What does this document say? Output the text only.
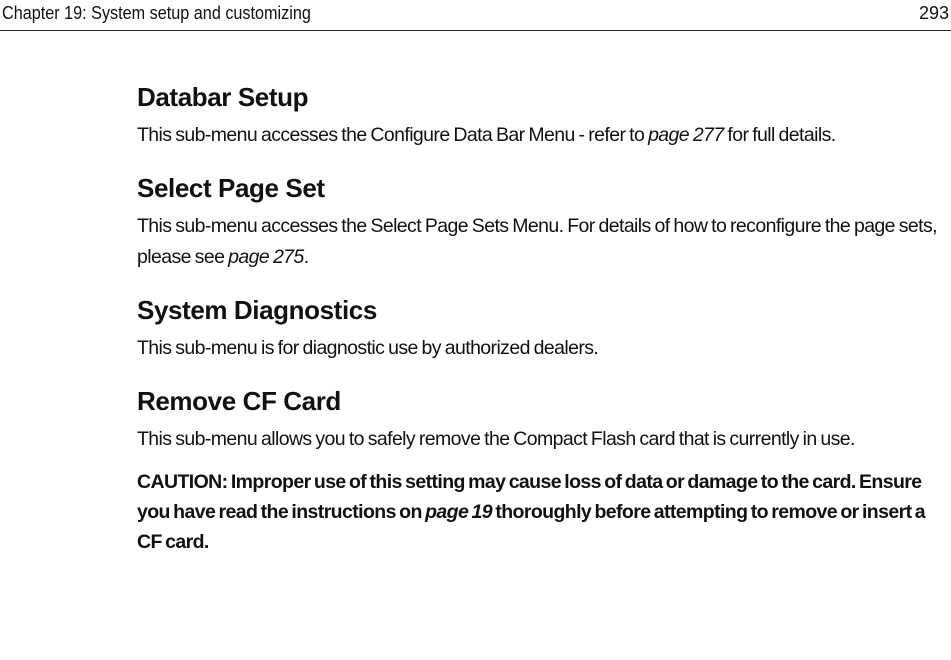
Chapter 19: System setup and customizing	293
Databar Setup

This sub-menu accesses the Configure Data Bar Menu - refer to page 277 for full details.

Select Page Set

This sub-menu accesses the Select Page Sets Menu. For details of how to reconfigure the page sets, please see page 275.

System Diagnostics

This sub-menu is for diagnostic use by authorized dealers.

Remove CF Card

This sub-menu allows you to safely remove the Compact Flash card that is currently in use.

CAUTION: Improper use of this setting may cause loss of data or damage to the card. Ensure you have read the instructions on page 19 thoroughly before attempting to remove or insert a CF card.
